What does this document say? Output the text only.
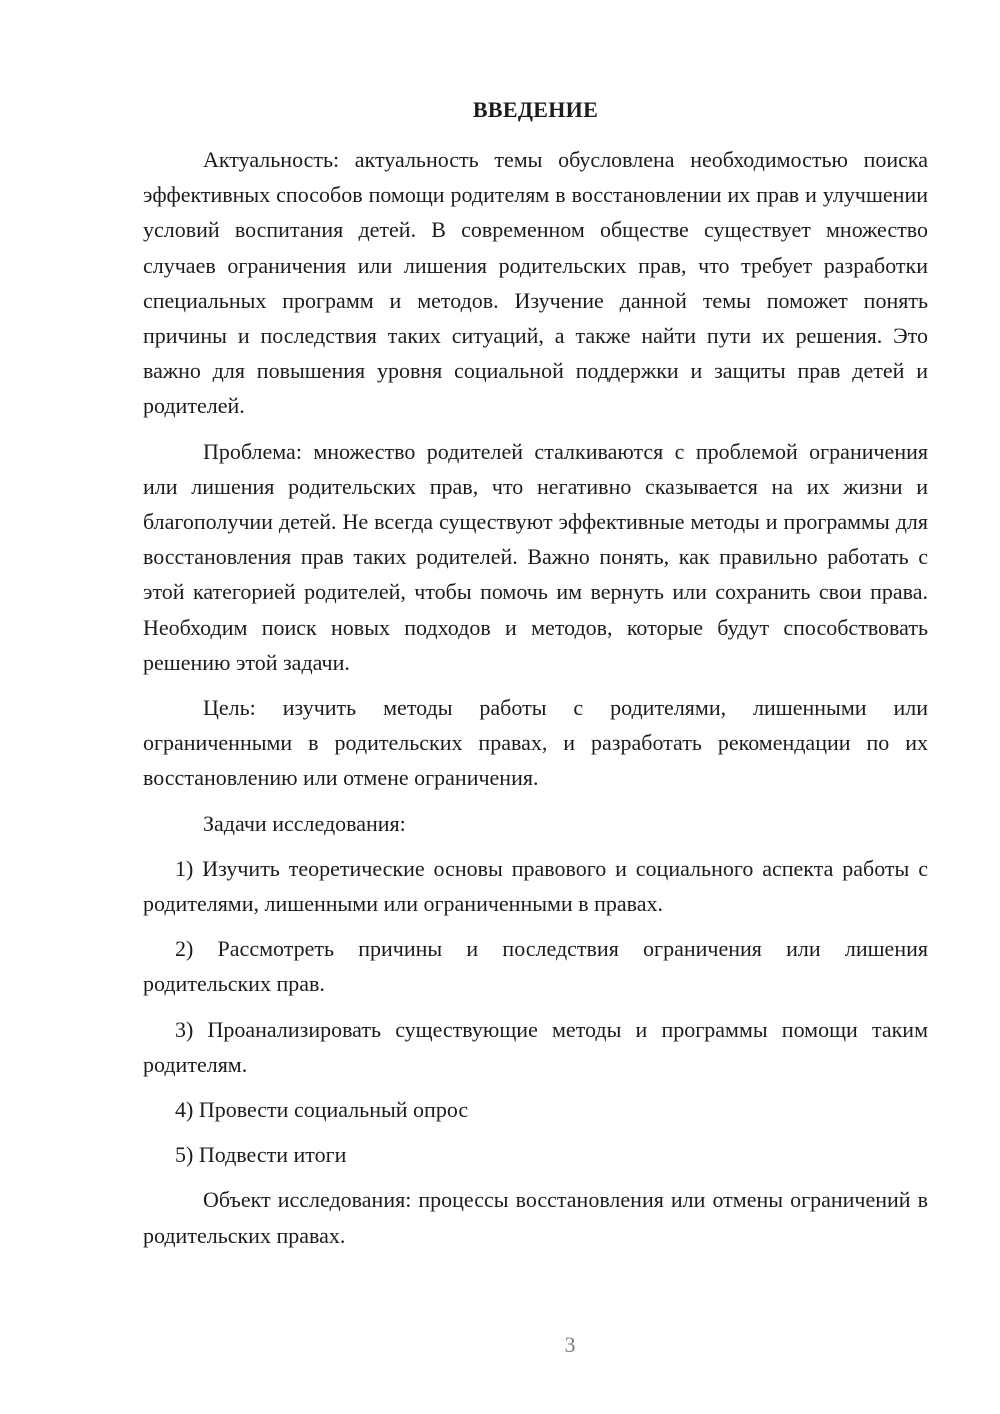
ВВЕДЕНИЕ

Актуальность: актуальность темы обусловлена необходимостью поиска эффективных способов помощи родителям в восстановлении их прав и улучшении условий воспитания детей. В современном обществе существует множество случаев ограничения или лишения родительских прав, что требует разработки специальных программ и методов. Изучение данной темы поможет понять причины и последствия таких ситуаций, а также найти пути их решения. Это важно для повышения уровня социальной поддержки и защиты прав детей и родителей.

Проблема: множество родителей сталкиваются с проблемой ограничения или лишения родительских прав, что негативно сказывается на их жизни и благополучии детей. Не всегда существуют эффективные методы и программы для восстановления прав таких родителей. Важно понять, как правильно работать с этой категорией родителей, чтобы помочь им вернуть или сохранить свои права. Необходим поиск новых подходов и методов, которые будут способствовать решению этой задачи.

Цель: изучить методы работы с родителями, лишенными или ограниченными в родительских правах, и разработать рекомендации по их восстановлению или отмене ограничения.

Задачи исследования:

1) Изучить теоретические основы правового и социального аспекта работы с родителями, лишенными или ограниченными в правах.

2) Рассмотреть причины и последствия ограничения или лишения родительских прав.

3) Проанализировать существующие методы и программы помощи таким родителям.

4) Провести социальный опрос

5) Подвести итоги

Объект исследования: процессы восстановления или отмены ограничений в родительских правах.

3
